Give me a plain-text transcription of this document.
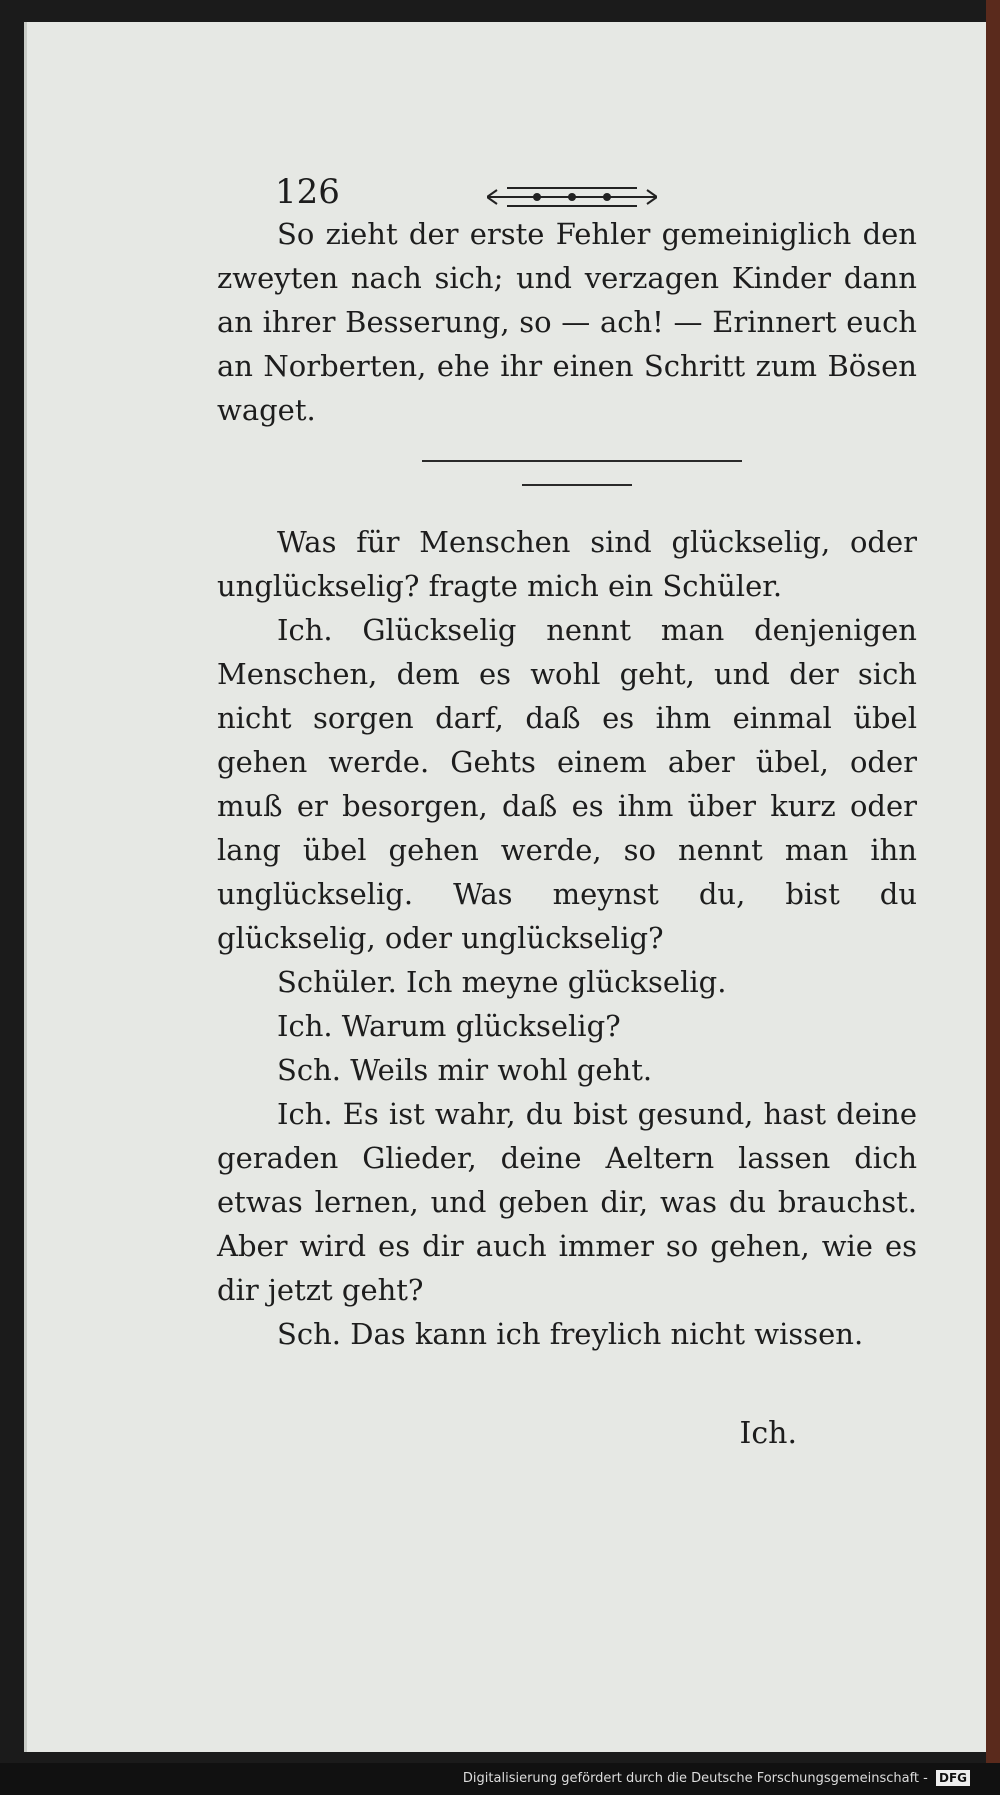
126

So zieht der erste Fehler gemeiniglich den zweyten nach sich; und verzagen Kinder dann an ihrer Besserung, so — ach! — Erinnert euch an Norberten, ehe ihr einen Schritt zum Bösen waget.

Was für Menschen sind glückselig, oder unglückselig? fragte mich ein Schüler.

Ich. Glückselig nennt man denjenigen Menschen, dem es wohl geht, und der sich nicht sorgen darf, daß es ihm einmal übel gehen werde. Gehts einem aber übel, oder muß er besorgen, daß es ihm über kurz oder lang übel gehen werde, so nennt man ihn unglückselig. Was meynst du, bist du glückselig, oder unglückselig?

Schüler. Ich meyne glückselig.

Ich. Warum glückselig?

Sch. Weils mir wohl geht.

Ich. Es ist wahr, du bist gesund, hast deine geraden Glieder, deine Aeltern lassen dich etwas lernen, und geben dir, was du brauchst. Aber wird es dir auch immer so gehen, wie es dir jetzt geht?

Sch. Das kann ich freylich nicht wissen.

Ich.
Digitalisierung gefördert durch die Deutsche Forschungsgemeinschaft - DFG
